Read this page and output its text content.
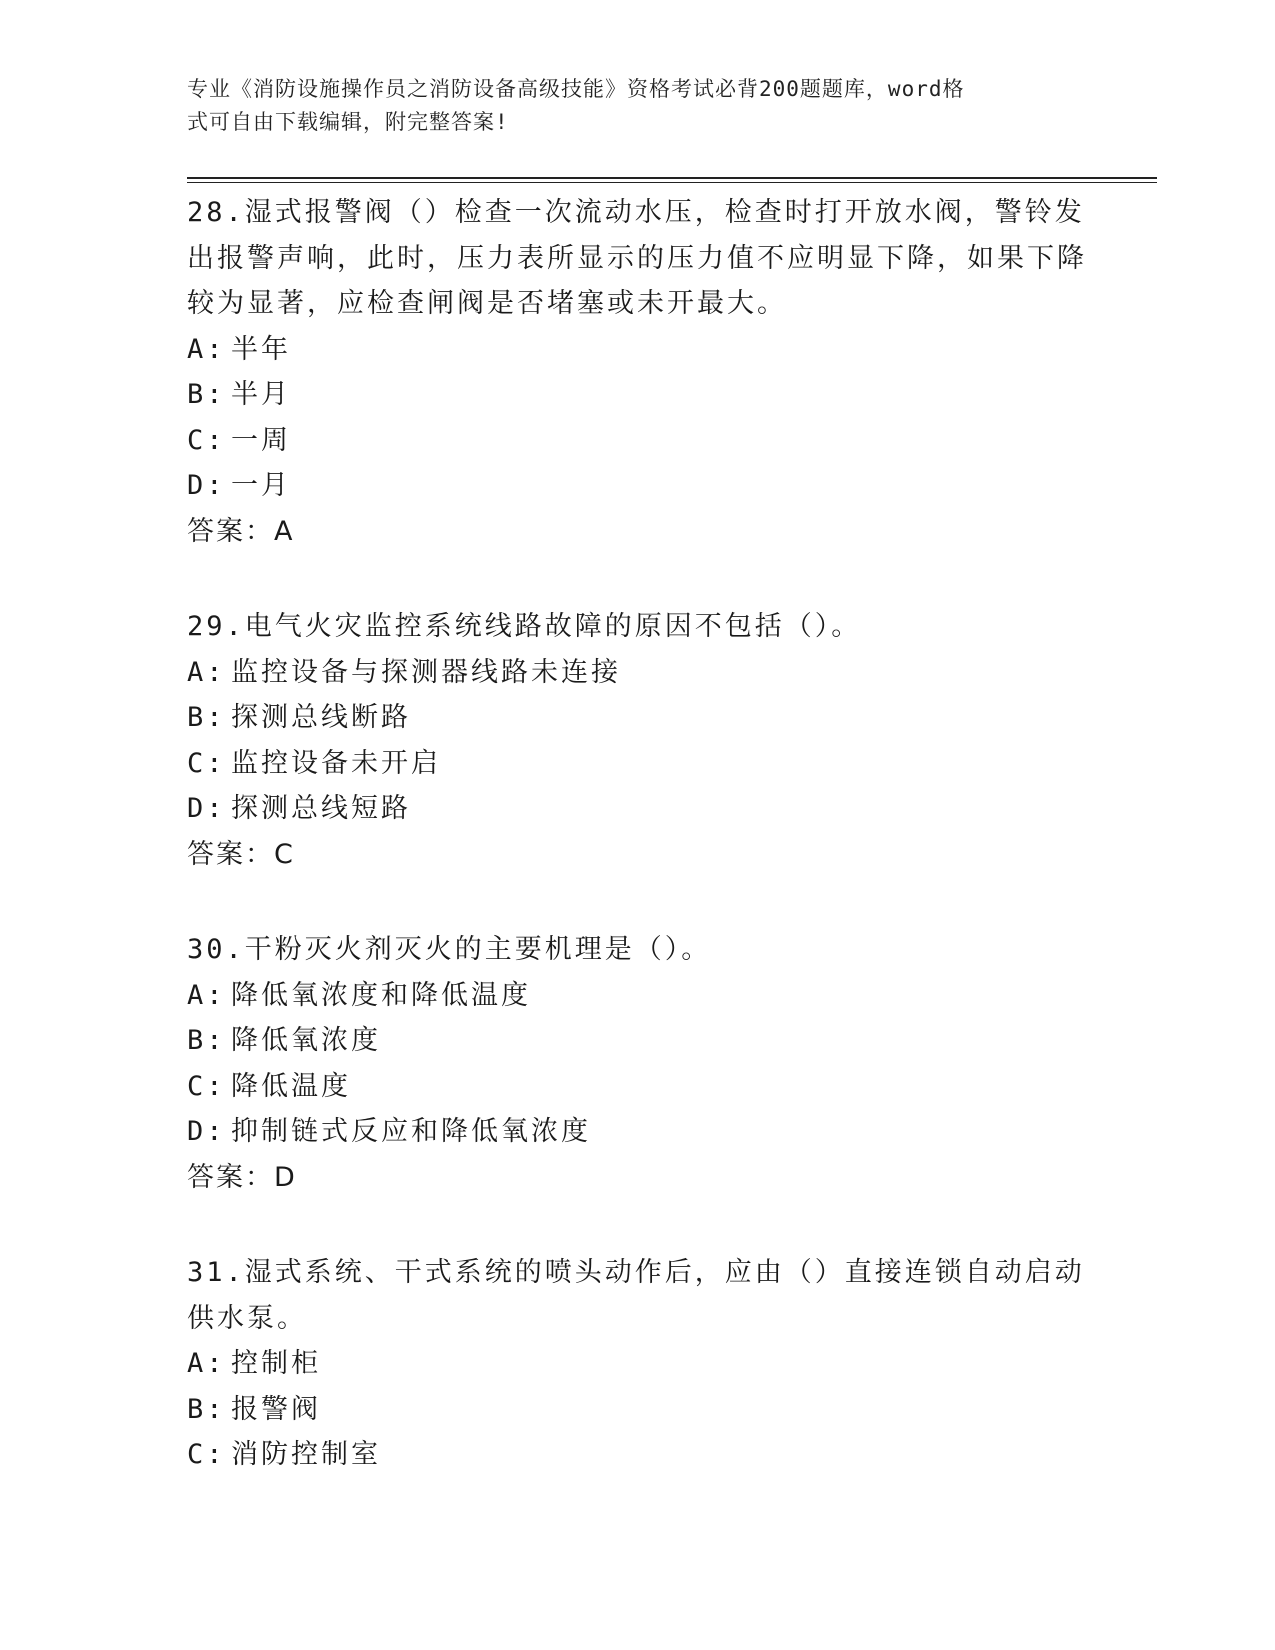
专业《消防设施操作员之消防设备高级技能》资格考试必背200题题库，word格
式可自由下载编辑，附完整答案!

28.湿式报警阀（）检查一次流动水压，检查时打开放水阀，警铃发出报警声响，此时，压力表所显示的压力值不应明显下降，如果下降较为显著，应检查闸阀是否堵塞或未开最大。

A: 半年

B: 半月

C: 一周

D: 一月

答案：A

29.电气火灾监控系统线路故障的原因不包括（）。

A: 监控设备与探测器线路未连接

B: 探测总线断路

C: 监控设备未开启

D: 探测总线短路

答案：C

30.干粉灭火剂灭火的主要机理是（）。

A: 降低氧浓度和降低温度

B: 降低氧浓度

C: 降低温度

D: 抑制链式反应和降低氧浓度

答案：D

31.湿式系统、干式系统的喷头动作后，应由（）直接连锁自动启动供水泵。

A: 控制柜

B: 报警阀

C: 消防控制室
